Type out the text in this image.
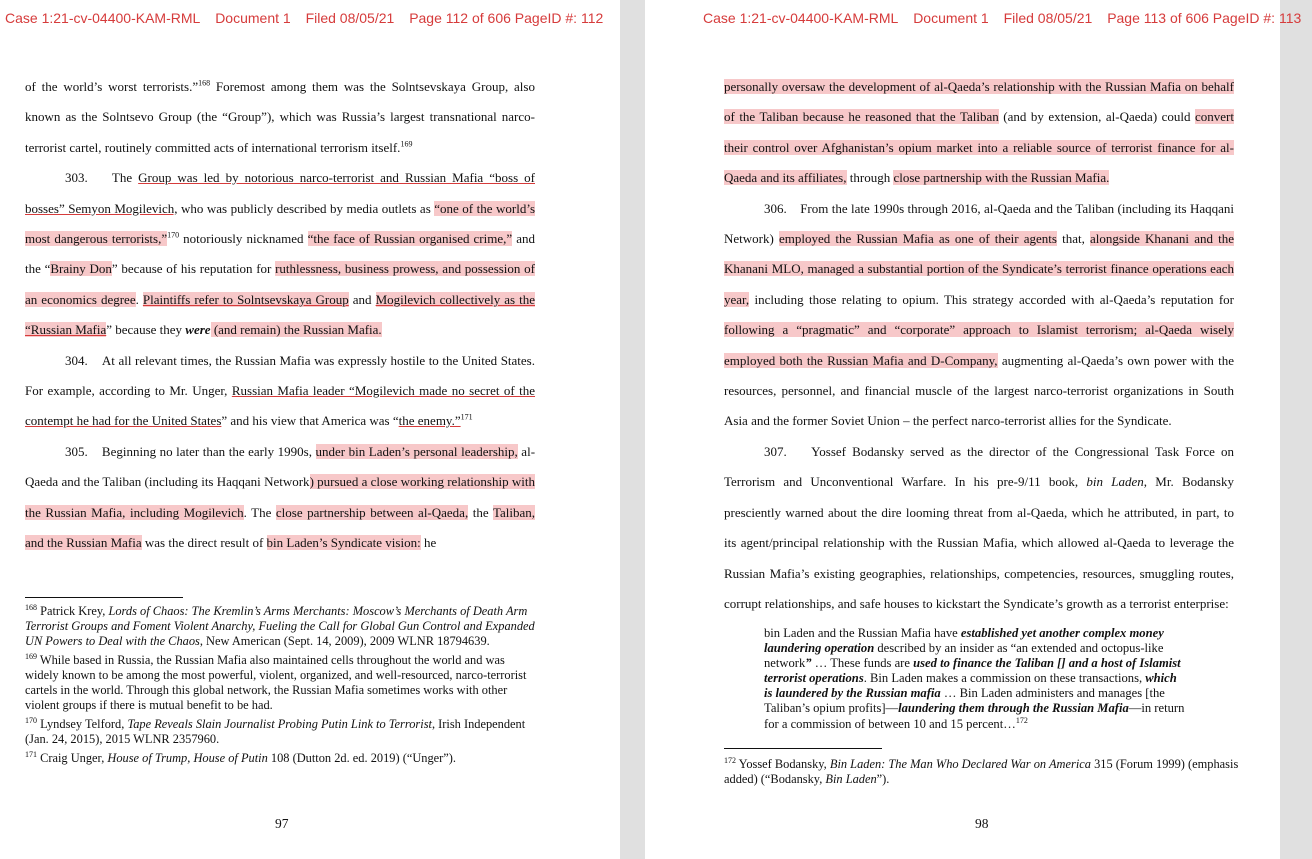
Case 1:21-cv-04400-KAM-RML Document 1 Filed 08/05/21 Page 112 of 606 PageID #: 112

of the world’s worst terrorists.”$^{168}$ Foremost among them was the Solntsevskaya Group, also known as the Solntsevo Group (the “Group”), which was Russia’s largest transnational narco-terrorist cartel, routinely committed acts of international terrorism itself.$^{169}$

303. The Group was led by notorious narco-terrorist and Russian Mafia “boss of bosses” Semyon Mogilevich, who was publicly described by media outlets as “one of the world’s most dangerous terrorists,”$^{170}$ notoriously nicknamed “the face of Russian organised crime,” and the “Brainy Don” because of his reputation for ruthlessness, business prowess, and possession of an economics degree. Plaintiffs refer to Solntsevskaya Group and Mogilevich collectively as the “Russian Mafia” because they were (and remain) the Russian Mafia.

304. At all relevant times, the Russian Mafia was expressly hostile to the United States. For example, according to Mr. Unger, Russian Mafia leader “Mogilevich made no secret of the contempt he had for the United States” and his view that America was “the enemy.”$^{171}$

305. Beginning no later than the early 1990s, under bin Laden’s personal leadership, al-Qaeda and the Taliban (including its Haqqani Network) pursued a close working relationship with the Russian Mafia, including Mogilevich. The close partnership between al-Qaeda, the Taliban, and the Russian Mafia was the direct result of bin Laden’s Syndicate vision: he

$^{168}$ Patrick Krey, Lords of Chaos: The Kremlin’s Arms Merchants: Moscow’s Merchants of Death Arm Terrorist Groups and Foment Violent Anarchy, Fueling the Call for Global Gun Control and Expanded UN Powers to Deal with the Chaos, New American (Sept. 14, 2009), 2009 WLNR 18794639.

$^{169}$ While based in Russia, the Russian Mafia also maintained cells throughout the world and was widely known to be among the most powerful, violent, organized, and well-resourced, narco-terrorist cartels in the world. Through this global network, the Russian Mafia sometimes works with other violent groups if there is mutual benefit to be had.

$^{170}$ Lyndsey Telford, Tape Reveals Slain Journalist Probing Putin Link to Terrorist, Irish Independent (Jan. 24, 2015), 2015 WLNR 2357960.

$^{171}$ Craig Unger, House of Trump, House of Putin 108 (Dutton 2d. ed. 2019) (“Unger”).

97
Case 1:21-cv-04400-KAM-RML Document 1 Filed 08/05/21 Page 113 of 606 PageID #: 113

personally oversaw the development of al-Qaeda’s relationship with the Russian Mafia on behalf of the Taliban because he reasoned that the Taliban (and by extension, al-Qaeda) could convert their control over Afghanistan’s opium market into a reliable source of terrorist finance for al-Qaeda and its affiliates, through close partnership with the Russian Mafia.

306. From the late 1990s through 2016, al-Qaeda and the Taliban (including its Haqqani Network) employed the Russian Mafia as one of their agents that, alongside Khanani and the Khanani MLO, managed a substantial portion of the Syndicate’s terrorist finance operations each year, including those relating to opium. This strategy accorded with al-Qaeda’s reputation for following a “pragmatic” and “corporate” approach to Islamist terrorism; al-Qaeda wisely employed both the Russian Mafia and D-Company, augmenting al-Qaeda’s own power with the resources, personnel, and financial muscle of the largest narco-terrorist organizations in South Asia and the former Soviet Union – the perfect narco-terrorist allies for the Syndicate.

307. Yossef Bodansky served as the director of the Congressional Task Force on Terrorism and Unconventional Warfare. In his pre-9/11 book, bin Laden, Mr. Bodansky presciently warned about the dire looming threat from al-Qaeda, which he attributed, in part, to its agent/principal relationship with the Russian Mafia, which allowed al-Qaeda to leverage the Russian Mafia’s existing geographies, relationships, competencies, resources, smuggling routes, corrupt relationships, and safe houses to kickstart the Syndicate’s growth as a terrorist enterprise:

bin Laden and the Russian Mafia have established yet another complex money laundering operation described by an insider as “an extended and octopus-like network” … These funds are used to finance the Taliban [] and a host of Islamist terrorist operations. Bin Laden makes a commission on these transactions, which is laundered by the Russian mafia … Bin Laden administers and manages [the Taliban’s opium profits]—laundering them through the Russian Mafia—in return for a commission of between 10 and 15 percent…$^{172}$

$^{172}$ Yossef Bodansky, Bin Laden: The Man Who Declared War on America 315 (Forum 1999) (emphasis added) (“Bodansky, Bin Laden”).

98
